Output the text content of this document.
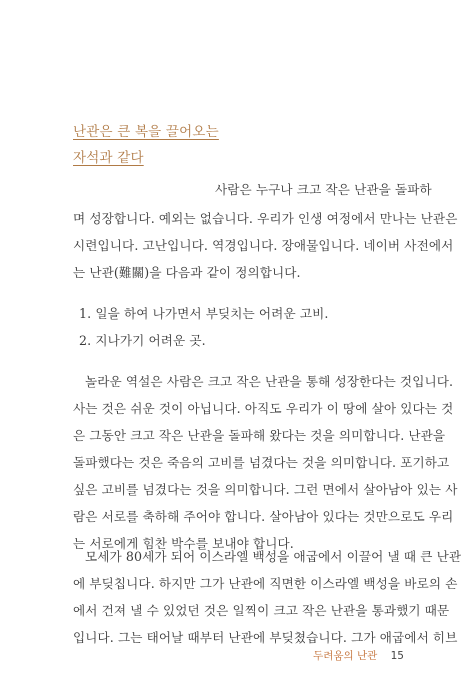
난관은 큰 복을 끌어오는
자석과 같다
사람은 누구나 크고 작은 난관을 돌파하
며 성장합니다. 예외는 없습니다. 우리가 인생 여정에서 만나는 난관은
시련입니다. 고난입니다. 역경입니다. 장애물입니다. 네이버 사전에서
는 난관(難關)을 다음과 같이 정의합니다.
1. 일을 하여 나가면서 부딪치는 어려운 고비.
2. 지나가기 어려운 곳.
놀라운 역설은 사람은 크고 작은 난관을 통해 성장한다는 것입니다.
사는 것은 쉬운 것이 아닙니다. 아직도 우리가 이 땅에 살아 있다는 것
은 그동안 크고 작은 난관을 돌파해 왔다는 것을 의미합니다. 난관을
돌파했다는 것은 죽음의 고비를 넘겼다는 것을 의미합니다. 포기하고
싶은 고비를 넘겼다는 것을 의미합니다. 그런 면에서 살아남아 있는 사
람은 서로를 축하해 주어야 합니다. 살아남아 있다는 것만으로도 우리
는 서로에게 힘찬 박수를 보내야 합니다.
모세가 80세가 되어 이스라엘 백성을 애굽에서 이끌어 낼 때 큰 난관
에 부딪칩니다. 하지만 그가 난관에 직면한 이스라엘 백성을 바로의 손
에서 건져 낼 수 있었던 것은 일찍이 크고 작은 난관을 통과했기 때문
두려움의 난관 15
입니다. 그는 태어날 때부터 난관에 부딪쳤습니다. 그가 애굽에서 히브
